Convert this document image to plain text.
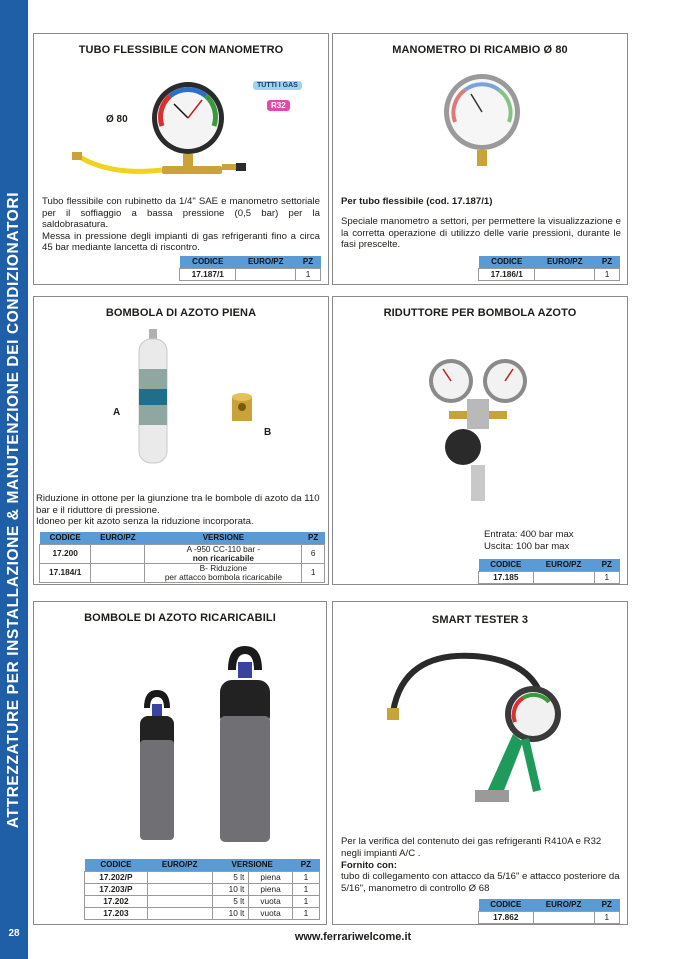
ATTREZZATURE PER INSTALLAZIONE & MANUTENZIONE DEI CONDIZIONATORI
28
TUBO FLESSIBILE CON MANOMETRO
Ø 80
TUTTI I GAS
R32

Tubo flessibile con rubinetto da 1/4" SAE e manometro settoriale per il soffiaggio a bassa pressione (0,5 bar) per la saldobrasatura.

Messa in pressione degli impianti di gas refrigeranti fino a circa 45 bar mediante lancetta di riscontro.

CODICE	EURO/PZ	PZ
17.187/1		1
MANOMETRO DI RICAMBIO Ø 80
Per tubo flessibile (cod. 17.187/1)
Speciale manometro a settori, per permettere la visualizzazione e la corretta operazione di utilizzo delle varie pressioni, durante le fasi prescelte.
CODICE	EURO/PZ	PZ
17.186/1		1
BOMBOLA DI AZOTO PIENA
A
B

Riduzione in ottone per la giunzione tra le bombole di azoto da 110 bar e il riduttore di pressione.

Idoneo per kit azoto senza la riduzione incorporata.

CODICE	EURO/PZ	VERSIONE	PZ
17.200		A -950 CC-110 bar -
non ricaricabile	6
17.184/1		B- Riduzione
per attacco bombola ricaricabile	1
RIDUTTORE PER BOMBOLA AZOTO
Entrata: 400 bar max
Uscita: 100 bar max
CODICE	EURO/PZ	PZ
17.185		1
BOMBOLE DI AZOTO RICARICABILI
CODICE	EURO/PZ	VERSIONE		PZ
17.202/P		5 lt	piena	1
17.203/P		10 lt	piena	1
17.202		5 lt	vuota	1
17.203		10 lt	vuota	1
SMART TESTER 3
Per la verifica del contenuto dei gas refrigeranti R410A e R32 negli impianti A/C .
Fornito con:
tubo di collegamento con attacco da 5/16" e attacco posteriore da 5/16", manometro di controllo Ø 68
CODICE	EURO/PZ	PZ
17.862		1
www.ferrariwelcome.it
